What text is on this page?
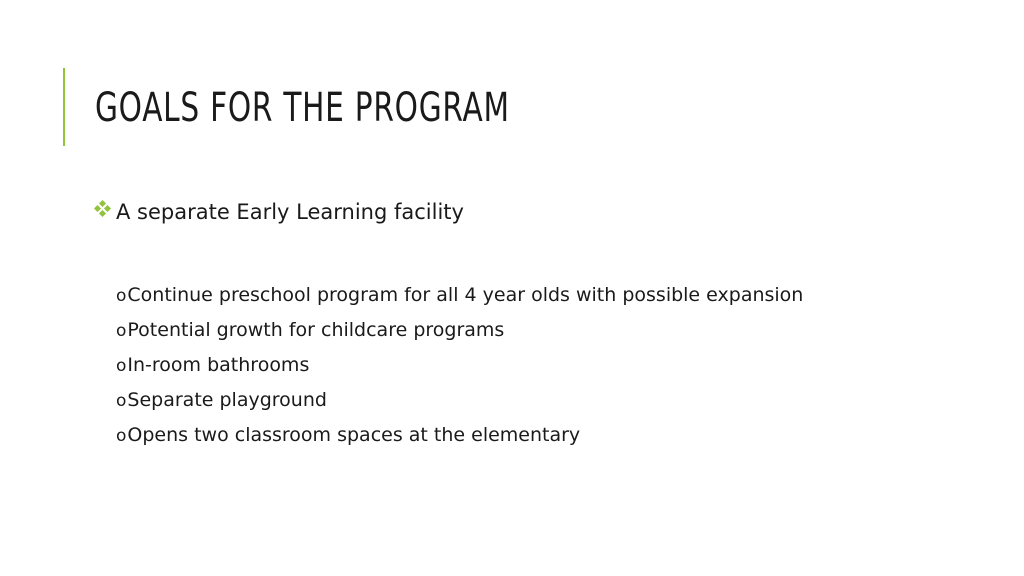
GOALS FOR THE PROGRAM
A separate Early Learning facility
o Continue preschool program for all 4 year olds with possible expansion
o Potential growth for childcare programs
o In-room bathrooms
o Separate playground
o Opens two classroom spaces at the elementary
